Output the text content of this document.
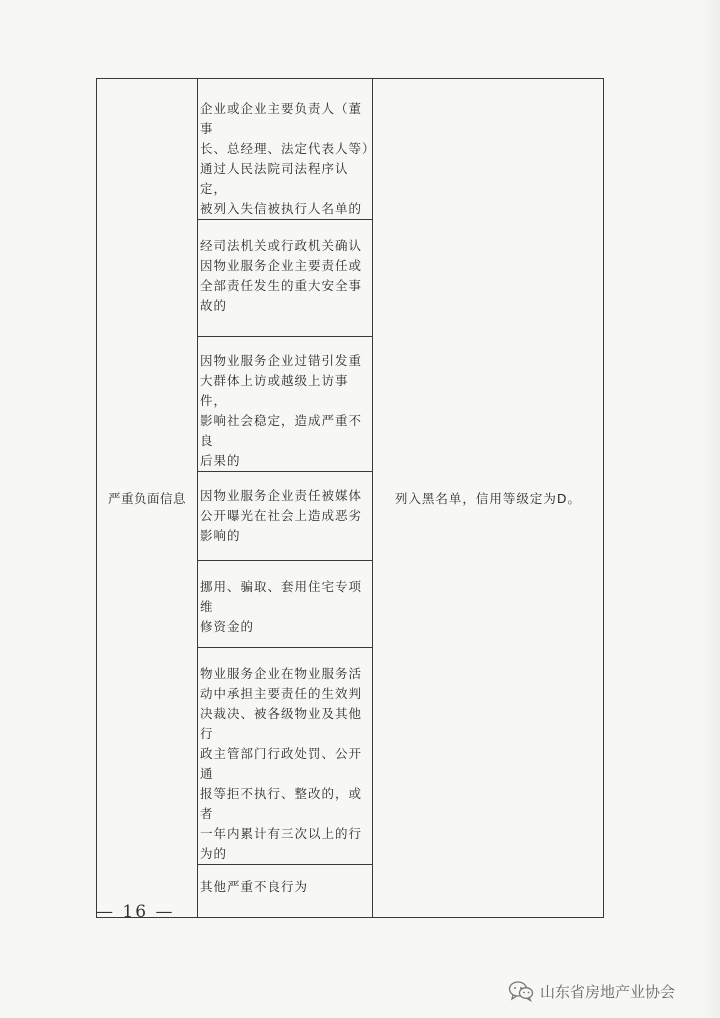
严重负面信息	
企业或企业主要负责人（董事
长、总经理、法定代表人等）
通过人民法院司法程序认定，
被列入失信被执行人名单的
	列入黑名单，信用等级定为D。

经司法机关或行政机关确认
因物业服务企业主要责任或
全部责任发生的重大安全事
故的

因物业服务企业过错引发重
大群体上访或越级上访事件，
影响社会稳定，造成严重不良
后果的

因物业服务企业责任被媒体
公开曝光在社会上造成恶劣
影响的

挪用、骗取、套用住宅专项维
修资金的

物业服务企业在物业服务活
动中承担主要责任的生效判
决裁决、被各级物业及其他行
政主管部门行政处罚、公开通
报等拒不执行、整改的，或者
一年内累计有三次以上的行
为的

其他严重不良行为
— 16 —
山东省房地产业协会
